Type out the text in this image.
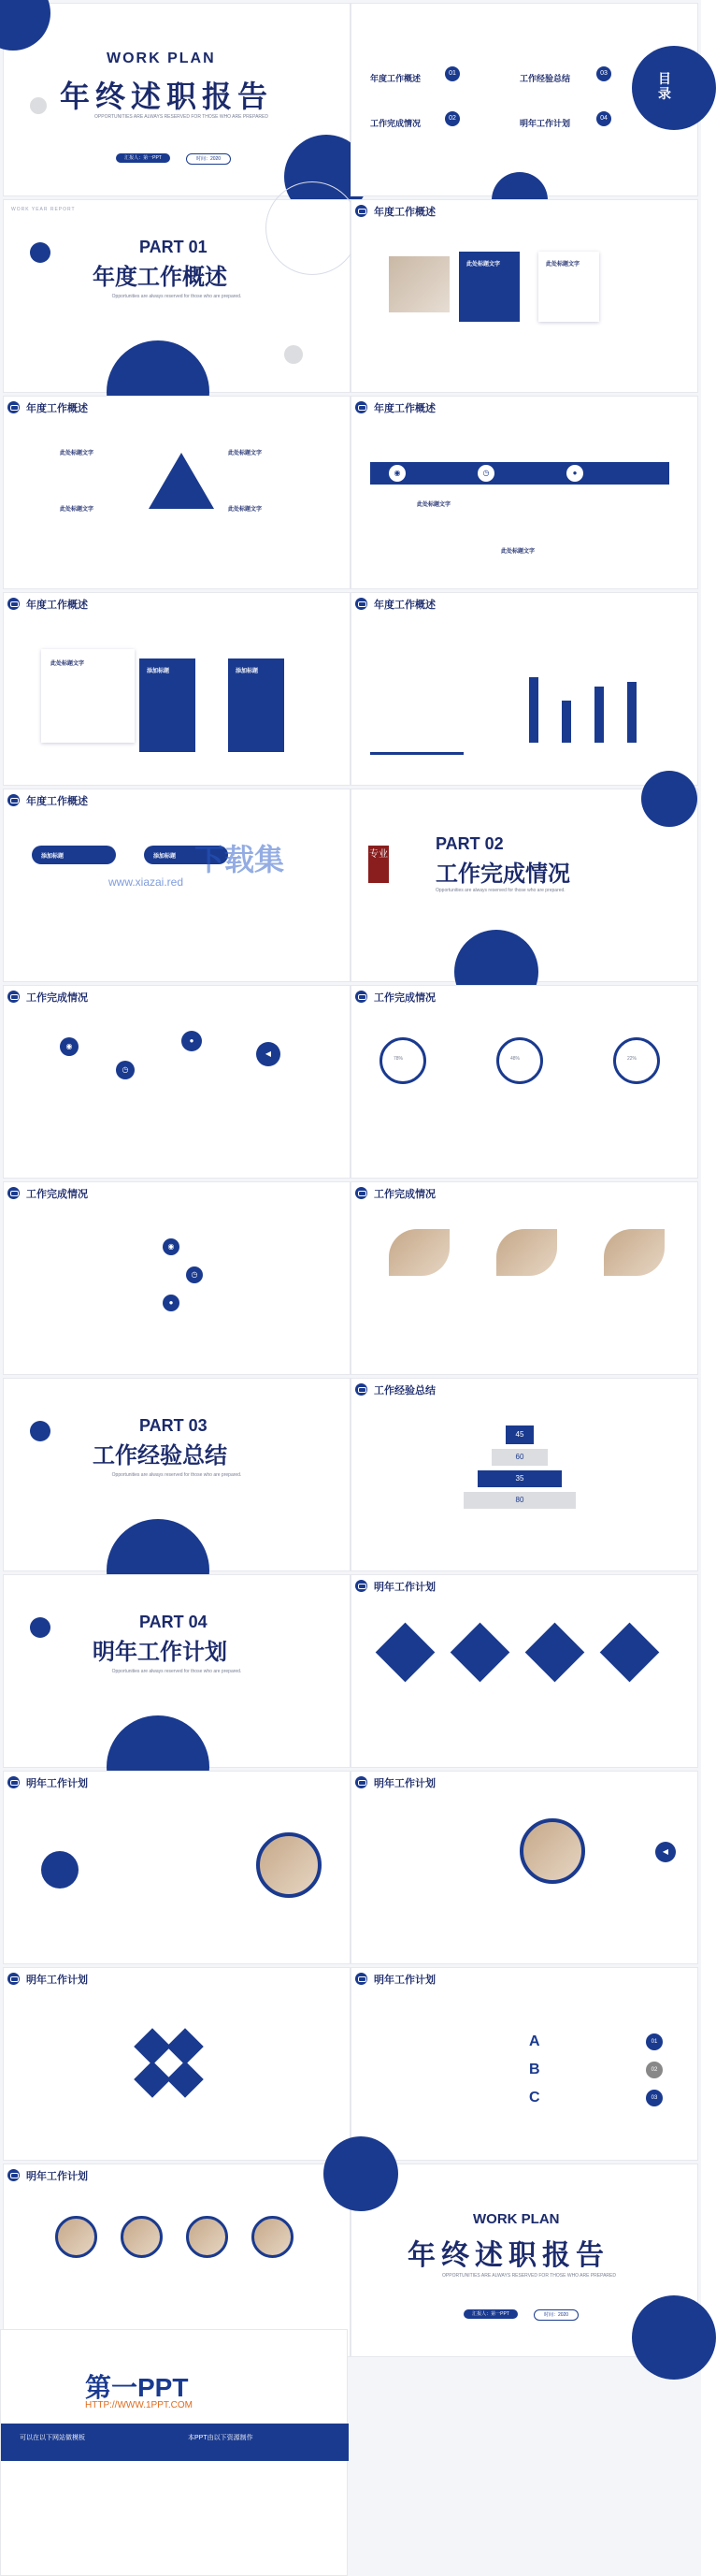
WORK PLAN
年终述职报告
OPPORTUNITIES ARE ALWAYS RESERVED FOR THOSE WHO ARE PREPARED
汇报人：第一PPT	时间：2020
目录
年度工作概述
01
工作完成情况
02
工作经验总结
03
明年工作计划
04
WORK YEAR REPORT
PART 01
年度工作概述
Opportunities are always reserved for those who are prepared.
年度工作概述
此处标题文字	此处标题文字
年度工作概述
此处标题文字	此处标题文字
此处标题文字	此处标题文字
年度工作概述
◉	◷	●
此处标题文字
此处标题文字
年度工作概述
此处标题文字
添加标题	添加标题
年度工作概述
年度工作概述
添加标题	添加标题
PART 02
工作完成情况
Opportunities are always reserved for those who are prepared.
下载集
www.xiazai.red
专业
工作完成情况
◉
◷
●
◀
工作完成情况
78%	48%	22%
工作完成情况
◉
◷
●
工作完成情况
PART 03
工作经验总结
Opportunities are always reserved for those who are prepared.
工作经验总结
45
60
35
80
PART 04
明年工作计划
Opportunities are always reserved for those who are prepared.
明年工作计划
明年工作计划	明年工作计划
◀
明年工作计划	明年工作计划
A
B
C
01
02
03
明年工作计划
WORK PLAN
年终述职报告
OPPORTUNITIES ARE ALWAYS RESERVED FOR THOSE WHO ARE PREPARED
汇报人：第一PPT	时间：2020
第一PPT
HTTP://WWW.1PPT.COM
可以在以下网站做模板	本PPT由以下资源制作
